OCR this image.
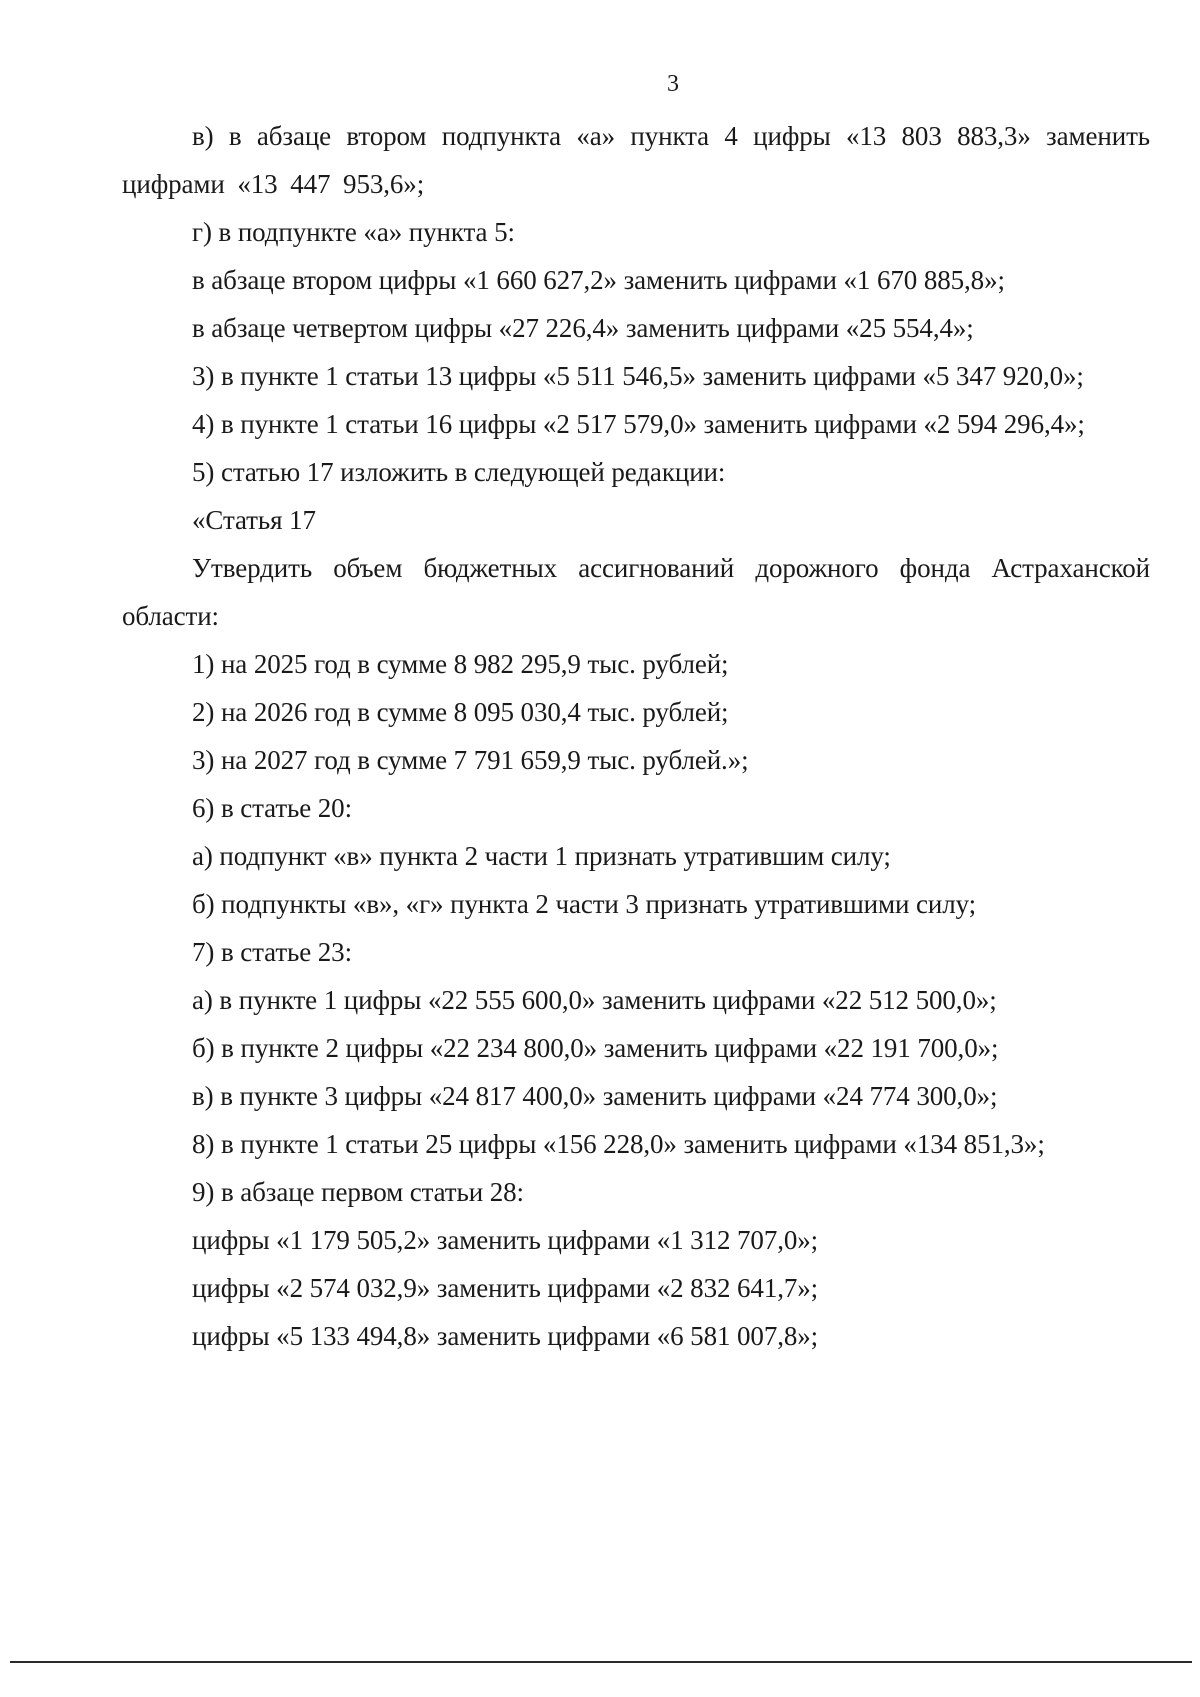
3

в) в абзаце втором подпункта «а» пункта 4 цифры «13 803 883,3» заменить цифрами «13 447 953,6»;

г) в подпункте «а» пункта 5:

в абзаце втором цифры «1 660 627,2» заменить цифрами «1 670 885,8»;

в абзаце четвертом цифры «27 226,4» заменить цифрами «25 554,4»;

3) в пункте 1 статьи 13 цифры «5 511 546,5» заменить цифрами «5 347 920,0»;

4) в пункте 1 статьи 16 цифры «2 517 579,0» заменить цифрами «2 594 296,4»;

5) статью 17 изложить в следующей редакции:

«Статья 17

Утвердить объем бюджетных ассигнований дорожного фонда Астраханской области:

1) на 2025 год в сумме 8 982 295,9 тыс. рублей;

2) на 2026 год в сумме 8 095 030,4 тыс. рублей;

3) на 2027 год в сумме 7 791 659,9 тыс. рублей.»;

6) в статье 20:

а) подпункт «в» пункта 2 части 1 признать утратившим силу;

б) подпункты «в», «г» пункта 2 части 3 признать утратившими силу;

7) в статье 23:

а) в пункте 1 цифры «22 555 600,0» заменить цифрами «22 512 500,0»;

б) в пункте 2 цифры «22 234 800,0» заменить цифрами «22 191 700,0»;

в) в пункте 3 цифры «24 817 400,0» заменить цифрами «24 774 300,0»;

8) в пункте 1 статьи 25 цифры «156 228,0» заменить цифрами «134 851,3»;

9) в абзаце первом статьи 28:

цифры «1 179 505,2» заменить цифрами «1 312 707,0»;

цифры «2 574 032,9» заменить цифрами «2 832 641,7»;

цифры «5 133 494,8» заменить цифрами «6 581 007,8»;
